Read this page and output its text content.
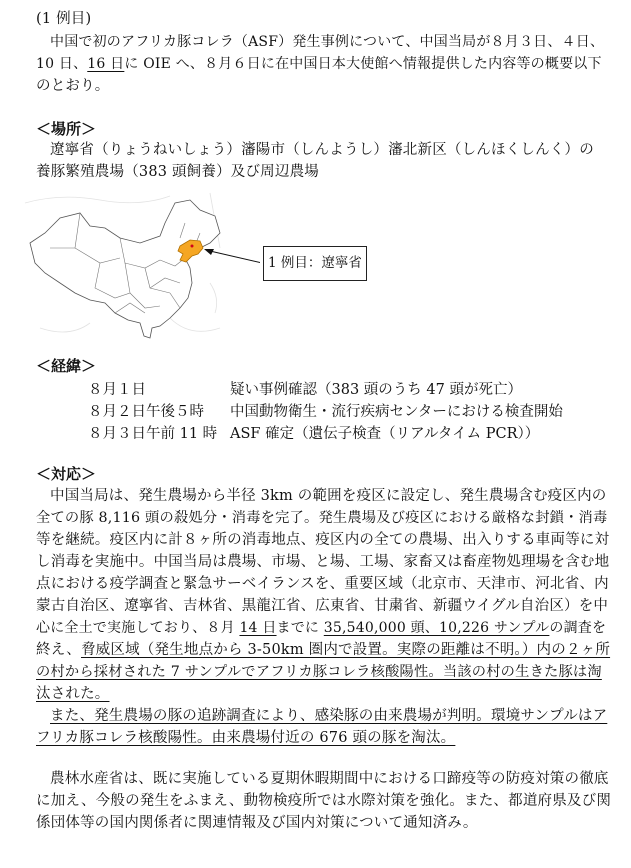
(1 例目)
中国で初のアフリカ豚コレラ（ASF）発生事例について、中国当局が８月３日、４日、
10 日、16 日に OIE へ、８月６日に在中国日本大使館へ情報提供した内容等の概要以下
のとおり。
＜場所＞
遼寧省（りょうねいしょう）瀋陽市（しんようし）瀋北新区（しんほくしんく）の
養豚繁殖農場（383 頭飼養）及び周辺農場
1 例目：遼寧省
＜経緯＞
８月１日	疑い事例確認（383 頭のうち 47 頭が死亡）
８月２日午後５時 中国動物衛生・流行疾病センターにおける検査開始
８月３日午前 11 時 ASF 確定（遺伝子検査（リアルタイム PCR））
＜対応＞
中国当局は、発生農場から半径 3km の範囲を疫区に設定し、発生農場含む疫区内の
全ての豚 8,116 頭の殺処分・消毒を完了。発生農場及び疫区における厳格な封鎖・消毒
等を継続。疫区内に計８ヶ所の消毒地点、疫区内の全ての農場、出入りする車両等に対
し消毒を実施中。中国当局は農場、市場、と場、工場、家畜又は畜産物処理場を含む地
点における疫学調査と緊急サーベイランスを、重要区域（北京市、天津市、河北省、内
蒙古自治区、遼寧省、吉林省、黒龍江省、広東省、甘粛省、新疆ウイグル自治区）を中
心に全土で実施しており、８月 14 日までに 35,540,000 頭、10,226 サンプルの調査を
終え、脅威区域（発生地点から 3-50km 圏内で設置。実際の距離は不明。）内の２ヶ所
の村から採材された 7 サンプルでアフリカ豚コレラ核酸陽性。当該の村の生きた豚は淘
汰された。
また、発生農場の豚の追跡調査により、感染豚の由来農場が判明。環境サンプルはア
フリカ豚コレラ核酸陽性。由来農場付近の 676 頭の豚を淘汰。
農林水産省は、既に実施している夏期休暇期間中における口蹄疫等の防疫対策の徹底
に加え、今般の発生をふまえ、動物検疫所では水際対策を強化。また、都道府県及び関
係団体等の国内関係者に関連情報及び国内対策について通知済み。
